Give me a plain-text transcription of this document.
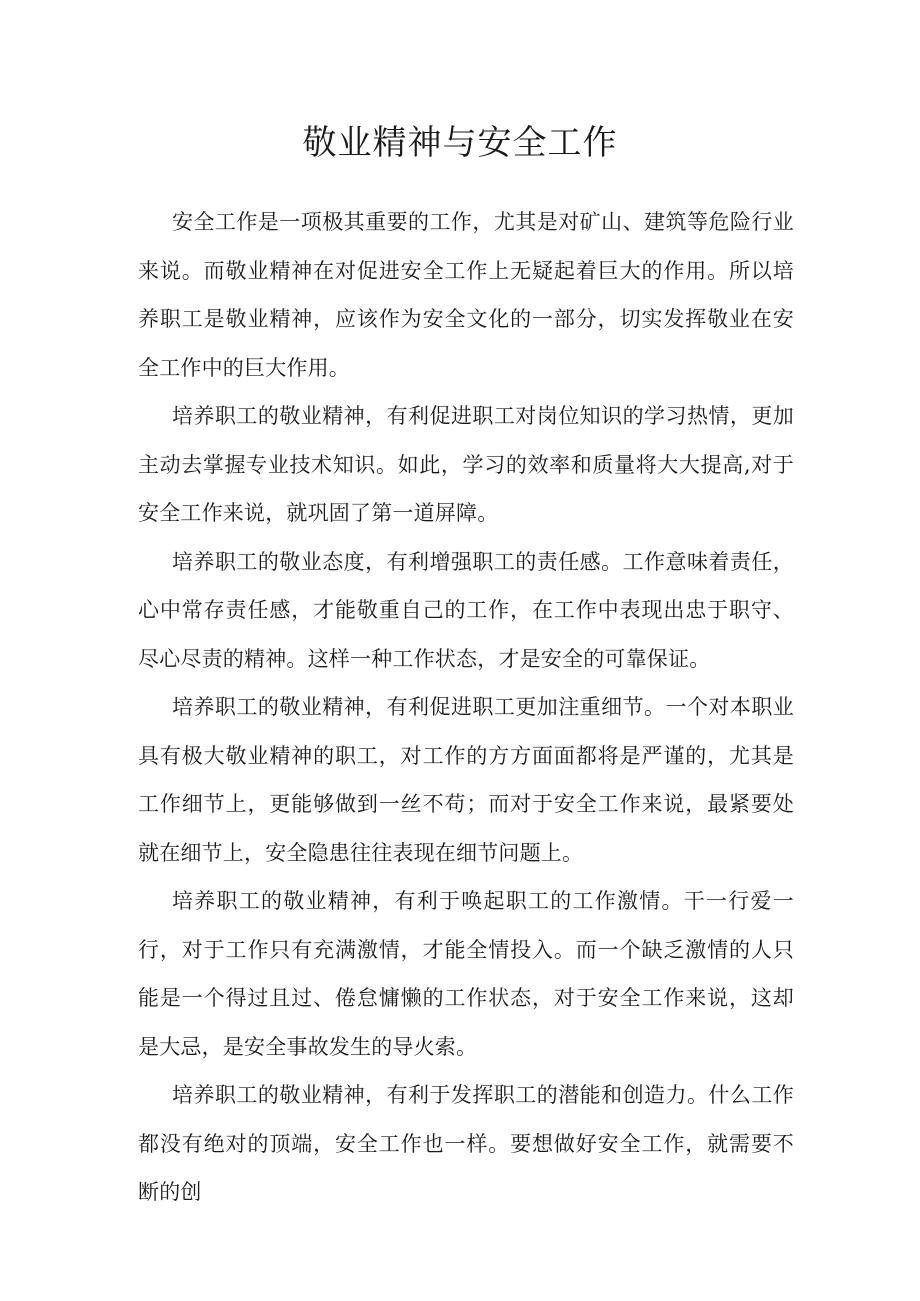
敬业精神与安全工作

安全工作是一项极其重要的工作，尤其是对矿山、建筑等危险行业来说。而敬业精神在对促进安全工作上无疑起着巨大的作用。所以培养职工是敬业精神，应该作为安全文化的一部分，切实发挥敬业在安全工作中的巨大作用。

培养职工的敬业精神，有利促进职工对岗位知识的学习热情，更加主动去掌握专业技术知识。如此，学习的效率和质量将大大提高,对于安全工作来说，就巩固了第一道屏障。

培养职工的敬业态度，有利增强职工的责任感。工作意味着责任，心中常存责任感，才能敬重自己的工作，在工作中表现出忠于职守、尽心尽责的精神。这样一种工作状态，才是安全的可靠保证。

培养职工的敬业精神，有利促进职工更加注重细节。一个对本职业具有极大敬业精神的职工，对工作的方方面面都将是严谨的，尤其是工作细节上，更能够做到一丝不苟；而对于安全工作来说，最紧要处就在细节上，安全隐患往往表现在细节问题上。

培养职工的敬业精神，有利于唤起职工的工作激情。干一行爱一行，对于工作只有充满激情，才能全情投入。而一个缺乏激情的人只能是一个得过且过、倦怠慵懒的工作状态，对于安全工作来说，这却是大忌，是安全事故发生的导火索。

培养职工的敬业精神，有利于发挥职工的潜能和创造力。什么工作都没有绝对的顶端，安全工作也一样。要想做好安全工作，就需要不断的创
